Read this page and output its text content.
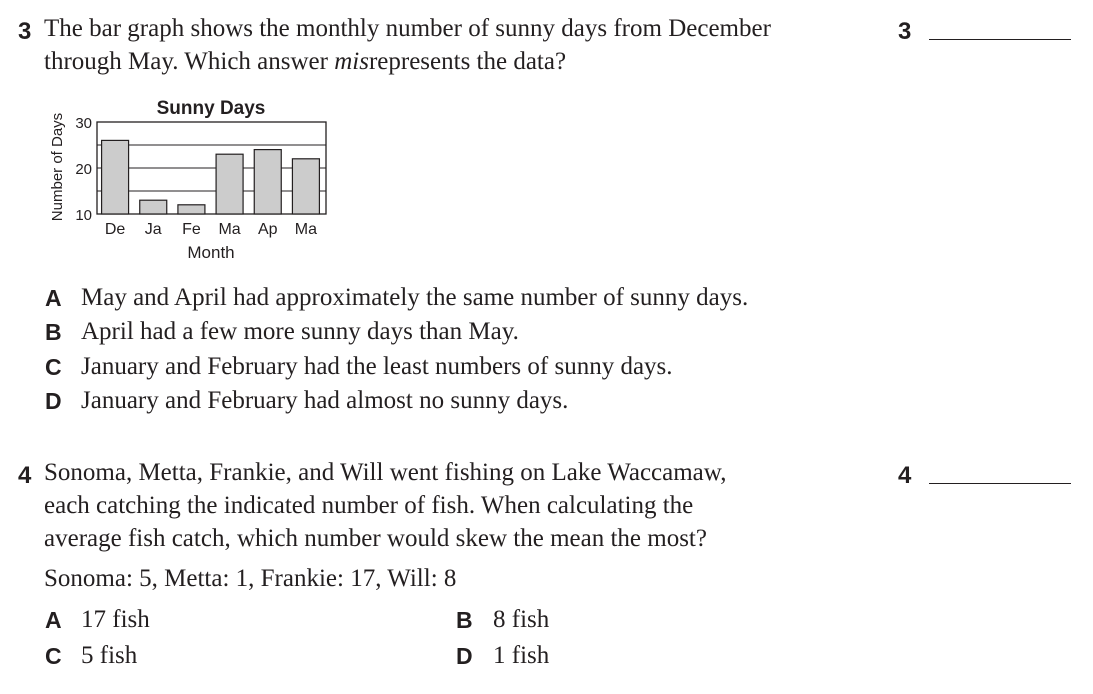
3 The bar graph shows the monthly number of sunny days from December
through May. Which answer misrepresents the data?
3
Sunny Days
Number of Days
Month
10
20
30
De Ja Fe Ma Ap Ma
A May and April had approximately the same number of sunny days.
B April had a few more sunny days than May.
C January and February had the least numbers of sunny days.
D January and February had almost no sunny days.
4 Sonoma, Metta, Frankie, and Will went fishing on Lake Waccamaw,
each catching the indicated number of fish. When calculating the
average fish catch, which number would skew the mean the most?
Sonoma: 5, Metta: 1, Frankie: 17, Will: 8
4
A 17 fish	B 8 fish
C 5 fish	D 1 fish
